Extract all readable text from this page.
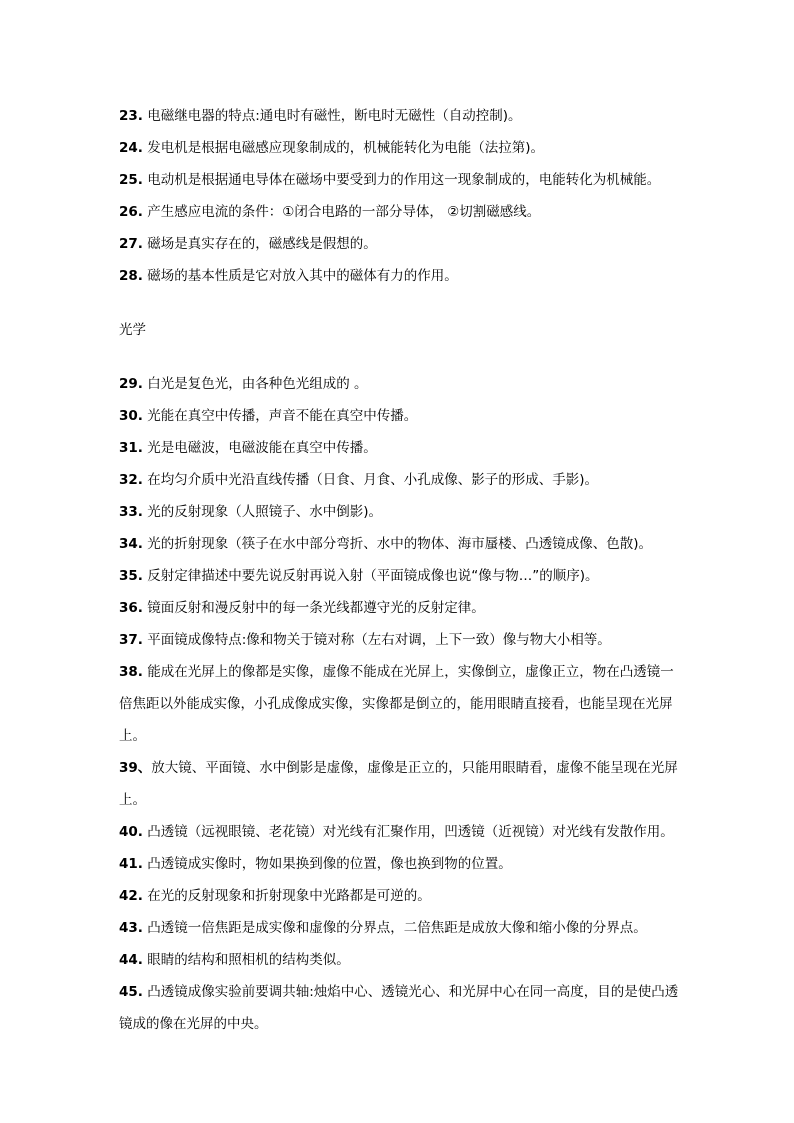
23. 电磁继电器的特点:通电时有磁性，断电时无磁性（自动控制)。
24. 发电机是根据电磁感应现象制成的，机械能转化为电能（法拉第)。
25. 电动机是根据通电导体在磁场中要受到力的作用这一现象制成的，电能转化为机械能。
26. 产生感应电流的条件：①闭合电路的一部分导体， ②切割磁感线。
27. 磁场是真实存在的，磁感线是假想的。
28. 磁场的基本性质是它对放入其中的磁体有力的作用。
光学
29. 白光是复色光，由各种色光组成的 。
30. 光能在真空中传播，声音不能在真空中传播。
31. 光是电磁波，电磁波能在真空中传播。
32. 在均匀介质中光沿直线传播（日食、月食、小孔成像、影子的形成、手影)。
33. 光的反射现象（人照镜子、水中倒影)。
34. 光的折射现象（筷子在水中部分弯折、水中的物体、海市蜃楼、凸透镜成像、色散)。
35. 反射定律描述中要先说反射再说入射（平面镜成像也说“像与物…”的顺序)。
36. 镜面反射和漫反射中的每一条光线都遵守光的反射定律。
37. 平面镜成像特点:像和物关于镜对称（左右对调，上下一致）像与物大小相等。
38. 能成在光屏上的像都是实像，虚像不能成在光屏上，实像倒立，虚像正立，物在凸透镜一倍焦距以外能成实像，小孔成像成实像，实像都是倒立的，能用眼睛直接看，也能呈现在光屏上。
39、放大镜、平面镜、水中倒影是虚像，虚像是正立的，只能用眼睛看，虚像不能呈现在光屏上。
40. 凸透镜（远视眼镜、老花镜）对光线有汇聚作用，凹透镜（近视镜）对光线有发散作用。
41. 凸透镜成实像时，物如果换到像的位置，像也换到物的位置。
42. 在光的反射现象和折射现象中光路都是可逆的。
43. 凸透镜一倍焦距是成实像和虚像的分界点，二倍焦距是成放大像和缩小像的分界点。
44. 眼睛的结构和照相机的结构类似。
45. 凸透镜成像实验前要调共轴:烛焰中心、透镜光心、和光屏中心在同一高度，目的是使凸透镜成的像在光屏的中央。
